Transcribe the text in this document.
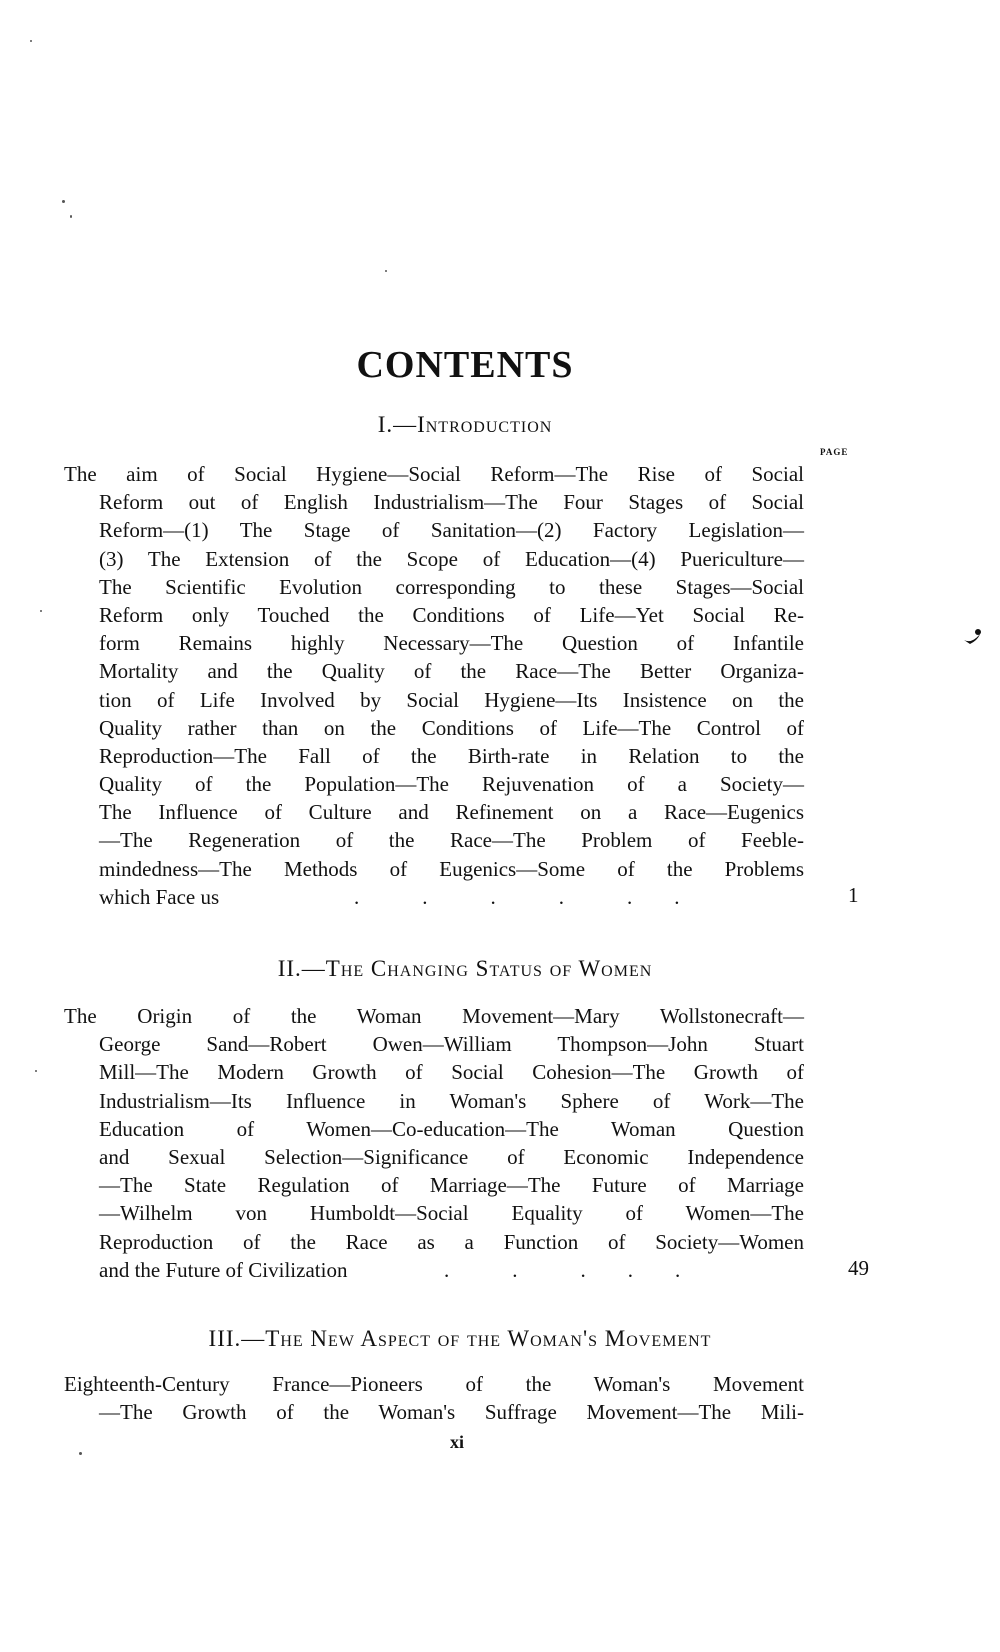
CONTENTS
I.—Introduction
PAGE
The aim of Social Hygiene—Social Reform—The Rise of Social
Reform out of English Industrialism—The Four Stages of Social
Reform—(1) The Stage of Sanitation—(2) Factory Legislation—
(3) The Extension of the Scope of Education—(4) Puericulture—
The Scientific Evolution corresponding to these Stages—Social
Reform only Touched the Conditions of Life—Yet Social Re-
form Remains highly Necessary—The Question of Infantile
Mortality and the Quality of the Race—The Better Organiza-
tion of Life Involved by Social Hygiene—Its Insistence on the
Quality rather than on the Conditions of Life—The Control of
Reproduction—The Fall of the Birth-rate in Relation to the
Quality of the Population—The Rejuvenation of a Society—
The Influence of Culture and Refinement on a Race—Eugenics
—The Regeneration of the Race—The Problem of Feeble-
mindedness—The Methods of Eugenics—Some of the Problems
which Face us	.            .            .            .            .        .	1
II.—The Changing Status of Women
The Origin of the Woman Movement—Mary Wollstonecraft—
George Sand—Robert Owen—William Thompson—John Stuart
Mill—The Modern Growth of Social Cohesion—The Growth of
Industrialism—Its Influence in Woman's Sphere of Work—The
Education of Women—Co-education—The Woman Question
and Sexual Selection—Significance of Economic Independence
—The State Regulation of Marriage—The Future of Marriage
—Wilhelm von Humboldt—Social Equality of Women—The
Reproduction of the Race as a Function of Society—Women
and the Future of Civilization	.            .            .        .        .	49
III.—The New Aspect of the Woman's Movement
Eighteenth-Century France—Pioneers of the Woman's Movement
—The Growth of the Woman's Suffrage Movement—The Mili-
xi
